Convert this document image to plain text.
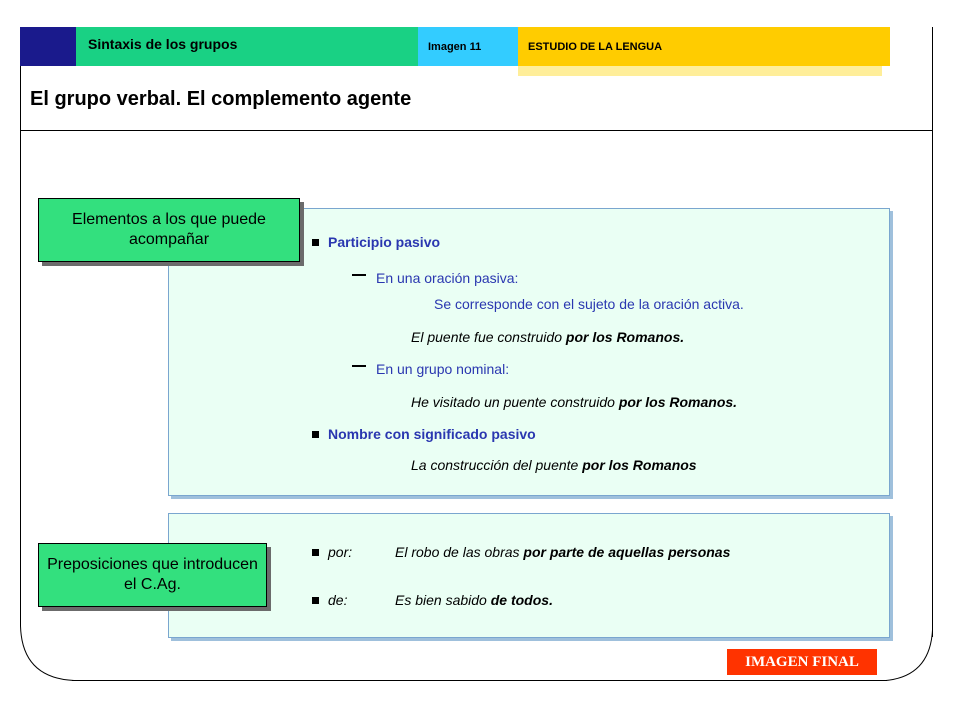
Sintaxis de los grupos	Imagen 11	ESTUDIO DE LA LENGUA
El grupo verbal. El complemento agente
Elementos a los que puede acompañar	Participio pasivo
En una oración pasiva:
Se corresponde con el sujeto de la oración activa.
El puente fue construido por los Romanos.
En un grupo nominal:
He visitado un puente construido por los Romanos.
Nombre con significado pasivo
La construcción del puente por los Romanos
Preposiciones que introducen el C.Ag.
por:	El robo de las obras por parte de aquellas personas
de:	Es bien sabido de todos.
IMAGEN FINAL
